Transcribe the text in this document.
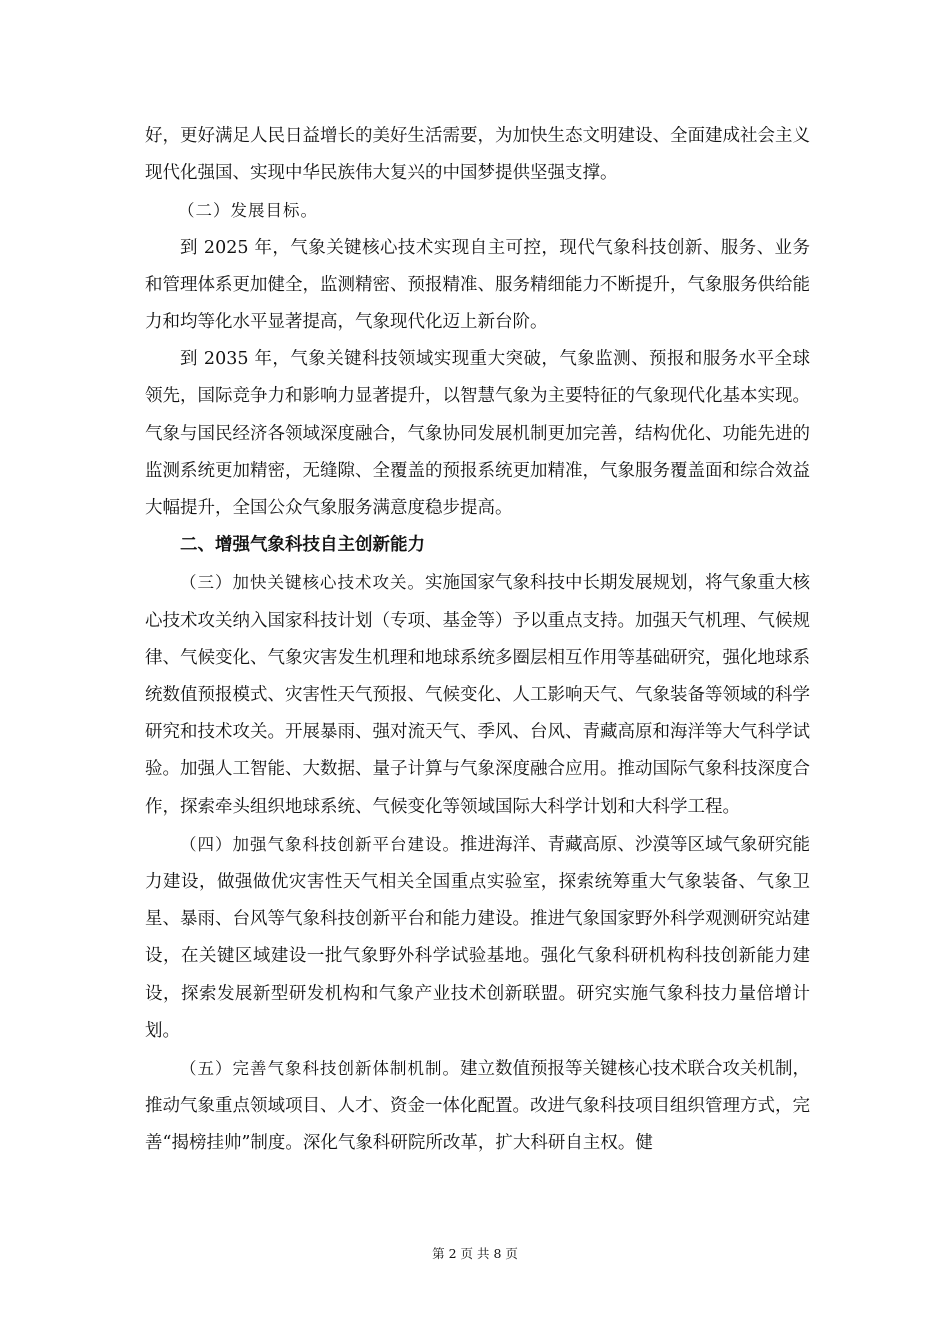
好，更好满足人民日益增长的美好生活需要，为加快生态文明建设、全面建成社会主义现代化强国、实现中华民族伟大复兴的中国梦提供坚强支撑。

（二）发展目标。

到 2025 年，气象关键核心技术实现自主可控，现代气象科技创新、服务、业务和管理体系更加健全，监测精密、预报精准、服务精细能力不断提升，气象服务供给能力和均等化水平显著提高，气象现代化迈上新台阶。

到 2035 年，气象关键科技领域实现重大突破，气象监测、预报和服务水平全球领先，国际竞争力和影响力显著提升，以智慧气象为主要特征的气象现代化基本实现。气象与国民经济各领域深度融合，气象协同发展机制更加完善，结构优化、功能先进的监测系统更加精密，无缝隙、全覆盖的预报系统更加精准，气象服务覆盖面和综合效益大幅提升，全国公众气象服务满意度稳步提高。

二、增强气象科技自主创新能力

（三）加快关键核心技术攻关。实施国家气象科技中长期发展规划，将气象重大核心技术攻关纳入国家科技计划（专项、基金等）予以重点支持。加强天气机理、气候规律、气候变化、气象灾害发生机理和地球系统多圈层相互作用等基础研究，强化地球系统数值预报模式、灾害性天气预报、气候变化、人工影响天气、气象装备等领域的科学研究和技术攻关。开展暴雨、强对流天气、季风、台风、青藏高原和海洋等大气科学试验。加强人工智能、大数据、量子计算与气象深度融合应用。推动国际气象科技深度合作，探索牵头组织地球系统、气候变化等领域国际大科学计划和大科学工程。

（四）加强气象科技创新平台建设。推进海洋、青藏高原、沙漠等区域气象研究能力建设，做强做优灾害性天气相关全国重点实验室，探索统筹重大气象装备、气象卫星、暴雨、台风等气象科技创新平台和能力建设。推进气象国家野外科学观测研究站建设，在关键区域建设一批气象野外科学试验基地。强化气象科研机构科技创新能力建设，探索发展新型研发机构和气象产业技术创新联盟。研究实施气象科技力量倍增计划。

（五）完善气象科技创新体制机制。建立数值预报等关键核心技术联合攻关机制，推动气象重点领域项目、人才、资金一体化配置。改进气象科技项目组织管理方式，完善“揭榜挂帅”制度。深化气象科研院所改革，扩大科研自主权。健

第 2 页 共 8 页
